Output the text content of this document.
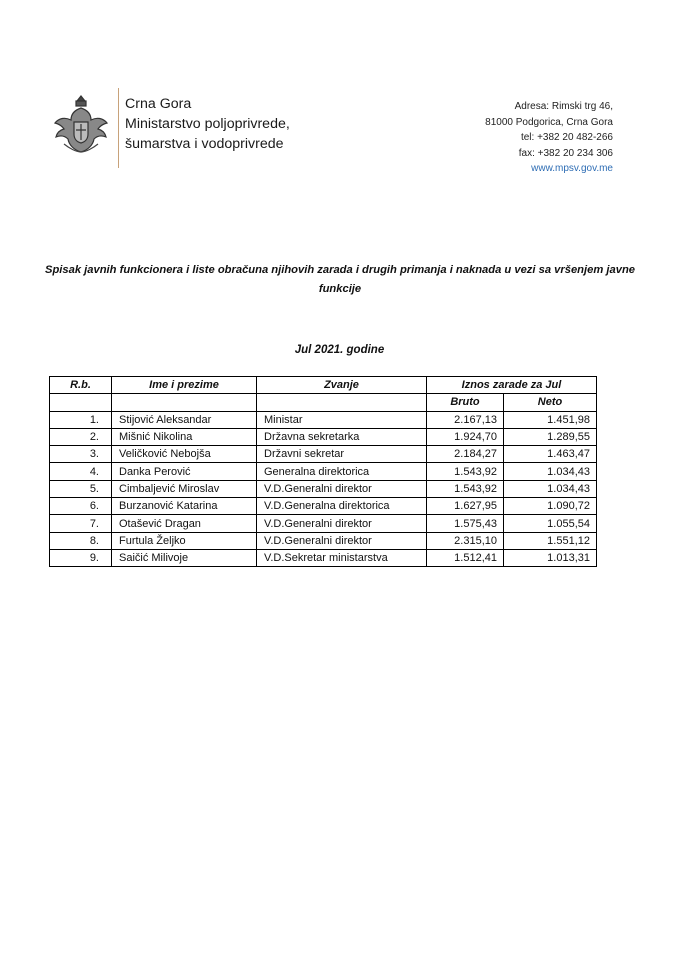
Crna Gora
Ministarstvo poljoprivrede,
šumarstva i vodoprivrede
Adresa: Rimski trg 46,
81000 Podgorica, Crna Gora
tel: +382 20 482-266
fax: +382 20 234 306
www.mpsv.gov.me
Spisak javnih funkcionera i liste obračuna njihovih zarada i drugih primanja i naknada u vezi sa vršenjem javne funkcije
Jul 2021. godine
R.b.	Ime i prezime	Zvanje	Iznos zarade za Jul	
			Bruto	Neto
1.	Stijović Aleksandar	Ministar	2.167,13	1.451,98
2.	Mišnić Nikolina	Državna sekretarka	1.924,70	1.289,55
3.	Veličković Nebojša	Državni sekretar	2.184,27	1.463,47
4.	Danka Perović	Generalna direktorica	1.543,92	1.034,43
5.	Cimbaljević Miroslav	V.D.Generalni direktor	1.543,92	1.034,43
6.	Burzanović Katarina	V.D.Generalna direktorica	1.627,95	1.090,72
7.	Otašević Dragan	V.D.Generalni direktor	1.575,43	1.055,54
8.	Furtula Željko	V.D.Generalni direktor	2.315,10	1.551,12
9.	Saičić Milivoje	V.D.Sekretar ministarstva	1.512,41	1.013,31
